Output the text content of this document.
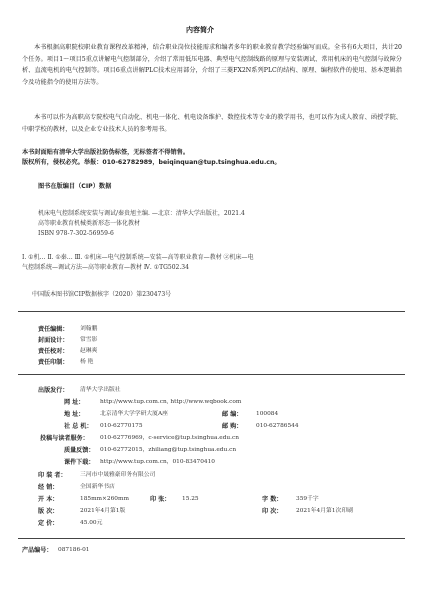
内容简介
本书根据高职院校职业教育课程改革精神，结合职业岗位技能需求和编者多年的职业教育教学经验编写而成。全书有6大项目，共计20个任务。项目1～项目5重点讲解电气控制部分，介绍了常用低压电器、典型电气控制线路的原理与安装调试、常用机床的电气控制与故障分析、直流电机的电气控制等。项目6重点讲解PLC技术应用部分，介绍了三菱FX2N系列PLC的结构、原理、编程软件的使用、基本逻辑指令及功能指令的使用方法等。
本书可以作为高职高专院校电气自动化、机电一体化、机电设备维护、数控技术等专业的教学用书，也可以作为成人教育、函授学院、中职学校的教材，以及企业专业技术人员的参考用书。
本书封面贴有清华大学出版社防伪标签，无标签者不得销售。
版权所有，侵权必究。举报：010-62782989，beiqinquan@tup.tsinghua.edu.cn。
图书在版编目（CIP）数据
机床电气控制系统安装与调试/秦贵旭主编. —北京：清华大学出版社，2021.4
高等职业教育机械类新形态一体化教材
ISBN 978-7-302-56959-6
Ⅰ. ①机… Ⅱ. ①秦… Ⅲ. ①机床—电气控制系统—安装—高等职业教育—教材 ②机床—电
气控制系统—调试方法—高等职业教育—教材 Ⅳ. ①TG502.34
中国版本图书馆CIP数据核字（2020）第230473号
责任编辑： 刘翰鹏
封面设计： 常雪影
责任校对： 赵琳爽
责任印制： 杨 艳
出版发行： 清华大学出版社
网 址：	http://www.tup.com.cn, http://www.wqbook.com
地 址：	北京清华大学学研大厦A座	邮 编： 100084
社 总 机： 010-62770175	邮 购： 010-62786544
投稿与读者服务： 010-62776969，c-service@tup.tsinghua.edu.cn
质量反馈： 010-62772015，zhiliang@tup.tsinghua.edu.cn
课件下载： http://www.tup.com.cn，010-83470410
印 装 者： 三河市中晟雅豪印务有限公司
经 销：	全国新华书店
开 本：	185mm×260mm	印 张： 15.25	字 数： 359千字
版 次：	2021年4月第1版	印 次： 2021年4月第1次印刷
定 价：	45.00元
产品编号： 087186-01
